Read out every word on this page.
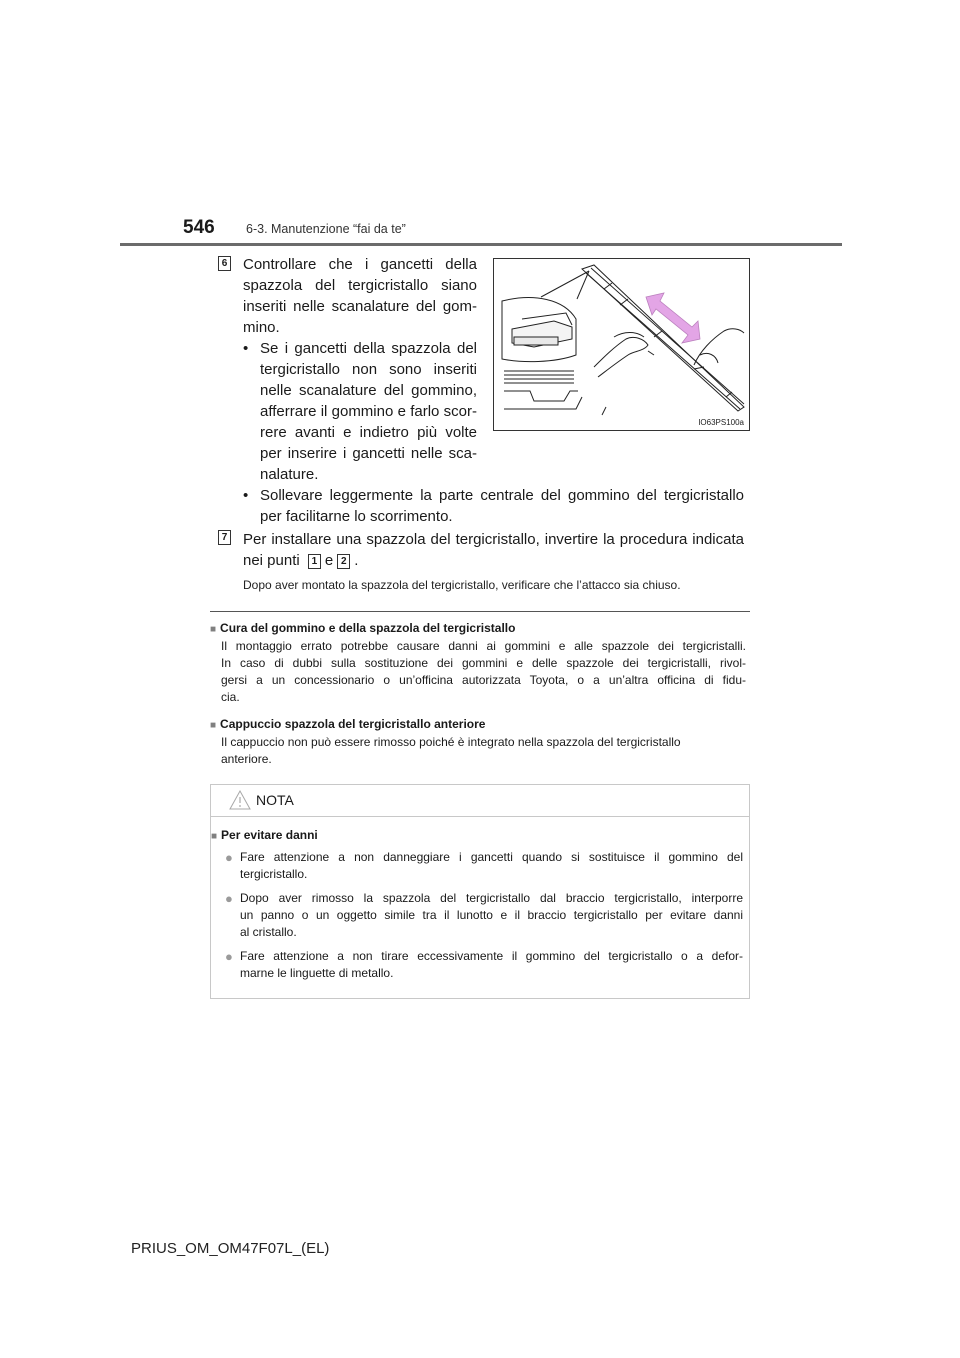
546	6-3. Manutenzione “fai da te”
6 Controllare che i gancetti della
spazzola del tergicristallo siano
inseriti nelle scanalature del gom-
mino.
• Se i gancetti della spazzola del
tergicristallo non sono inseriti
nelle scanalature del gommino,
afferrare il gommino e farlo scor-
rere avanti e indietro più volte
per inserire i gancetti nelle sca-
nalature.
• Sollevare leggermente la parte centrale del gommino del tergicristallo
per facilitarne lo scorrimento.
IO63PS100a
7 Per installare una spazzola del tergicristallo, invertire la procedura indicata
nei punti 1 e 2 .
Dopo aver montato la spazzola del tergicristallo, verificare che l’attacco sia chiuso.
■ Cura del gommino e della spazzola del tergicristallo
Il montaggio errato potrebbe causare danni ai gommini e alle spazzole dei tergicristalli.
In caso di dubbi sulla sostituzione dei gommini e delle spazzole dei tergicristalli, rivol-
gersi a un concessionario o un’officina autorizzata Toyota, o a un’altra officina di fidu-
cia.
■ Cappuccio spazzola del tergicristallo anteriore
Il cappuccio non può essere rimosso poiché è integrato nella spazzola del tergicristallo
anteriore.
NOTA
■ Per evitare danni
● Fare attenzione a non danneggiare i gancetti quando si sostituisce il gommino del
tergicristallo.
● Dopo aver rimosso la spazzola del tergicristallo dal braccio tergicristallo, interporre
un panno o un oggetto simile tra il lunotto e il braccio tergicristallo per evitare danni
al cristallo.
● Fare attenzione a non tirare eccessivamente il gommino del tergicristallo o a defor-
marne le linguette di metallo.
PRIUS_OM_OM47F07L_(EL)
